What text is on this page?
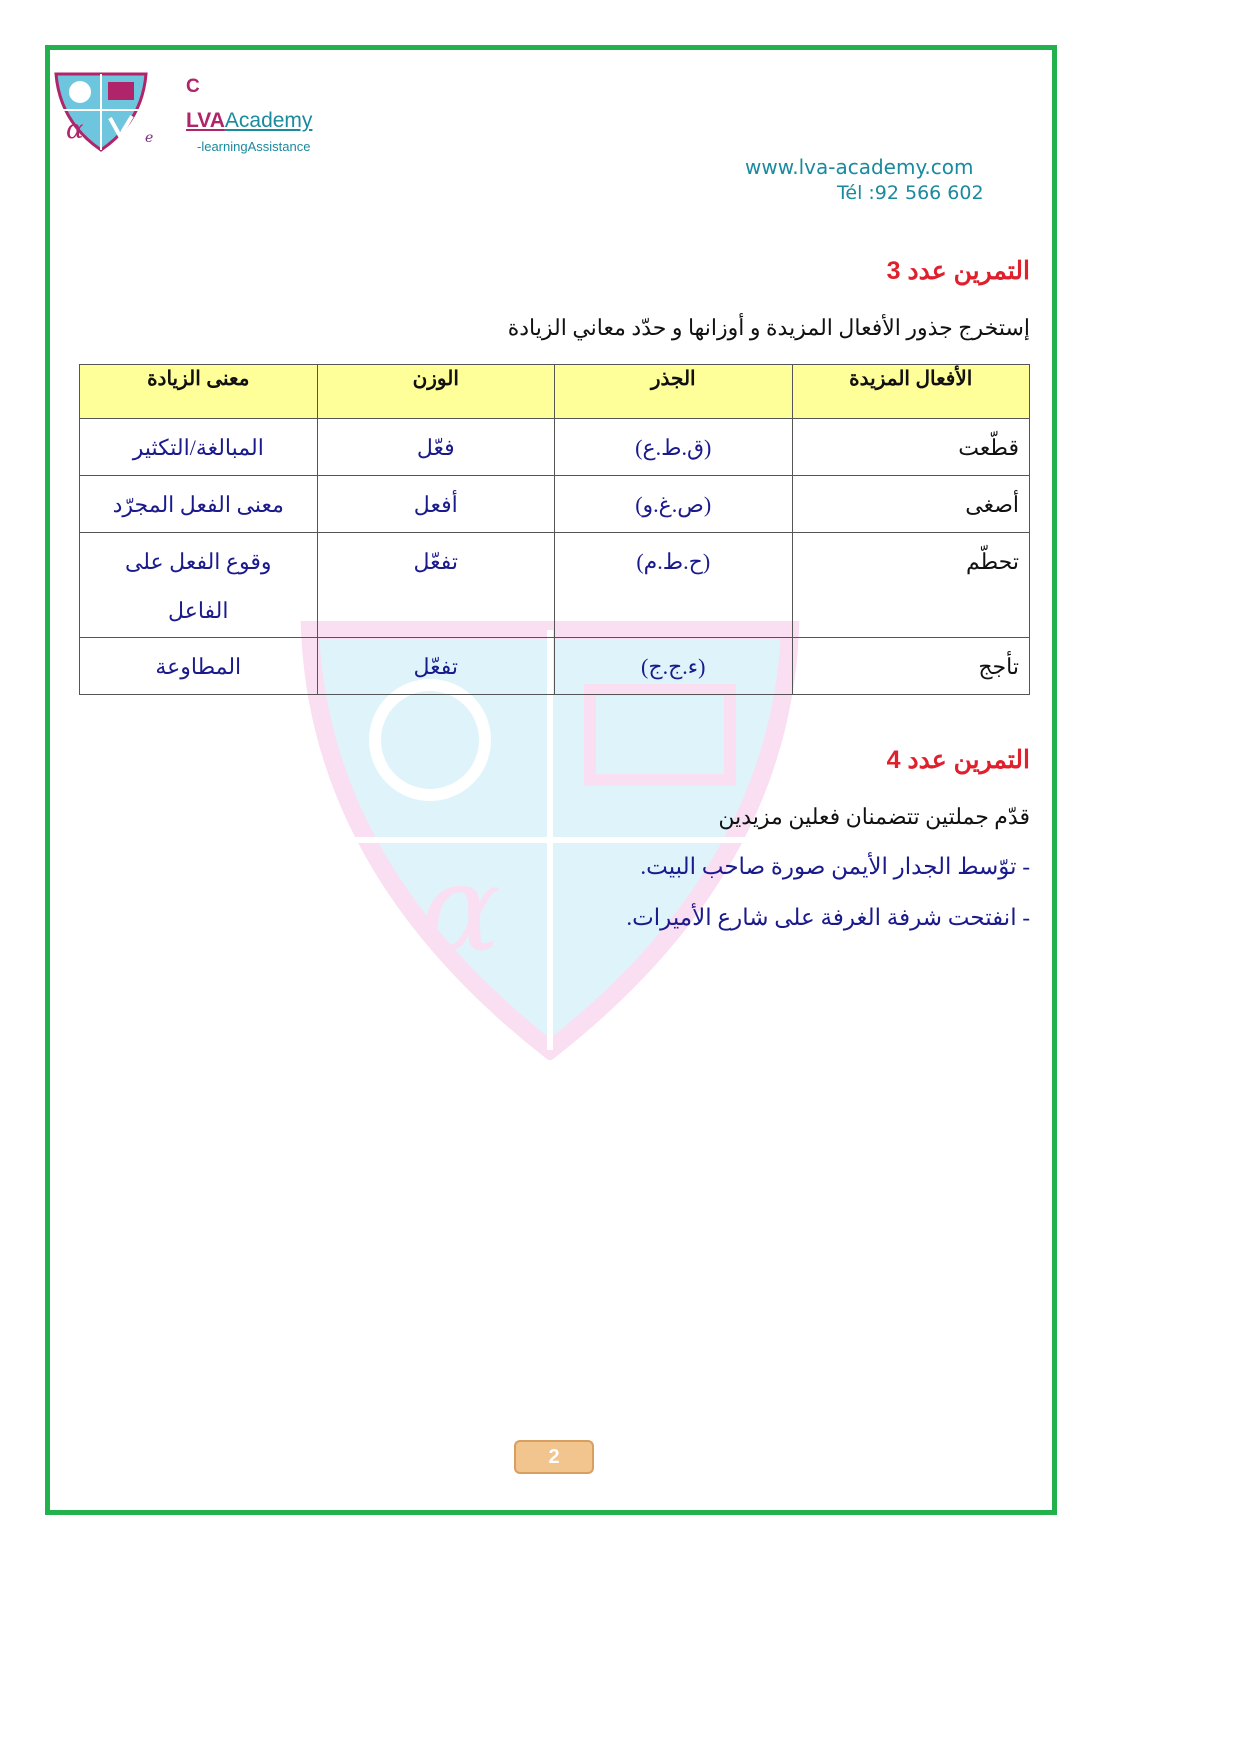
α
α	e
C
LVAAcademy
-learningAssistance
www.lva-academy.com
Tél :92 566 602
التمرين عدد 3
إستخرج جذور الأفعال المزيدة و أوزانها و حدّد معاني الزيادة
الأفعال المزيدة	الجذر	الوزن	معنى الزيادة
قطّعت	(ق.ط.ع)	فعّل	المبالغة/التكثير
أصغى	(ص.غ.و)	أفعل	معنى الفعل المجرّد
تحطّم	(ح.ط.م)	تفعّل	وقوع الفعل على الفاعل
تأجج	(ء.ج.ج)	تفعّل	المطاوعة
التمرين عدد 4
قدّم جملتين تتضمنان فعلين مزيدين
- توّسط الجدار الأيمن صورة صاحب البيت.
- انفتحت شرفة الغرفة على شارع الأميرات.
2
